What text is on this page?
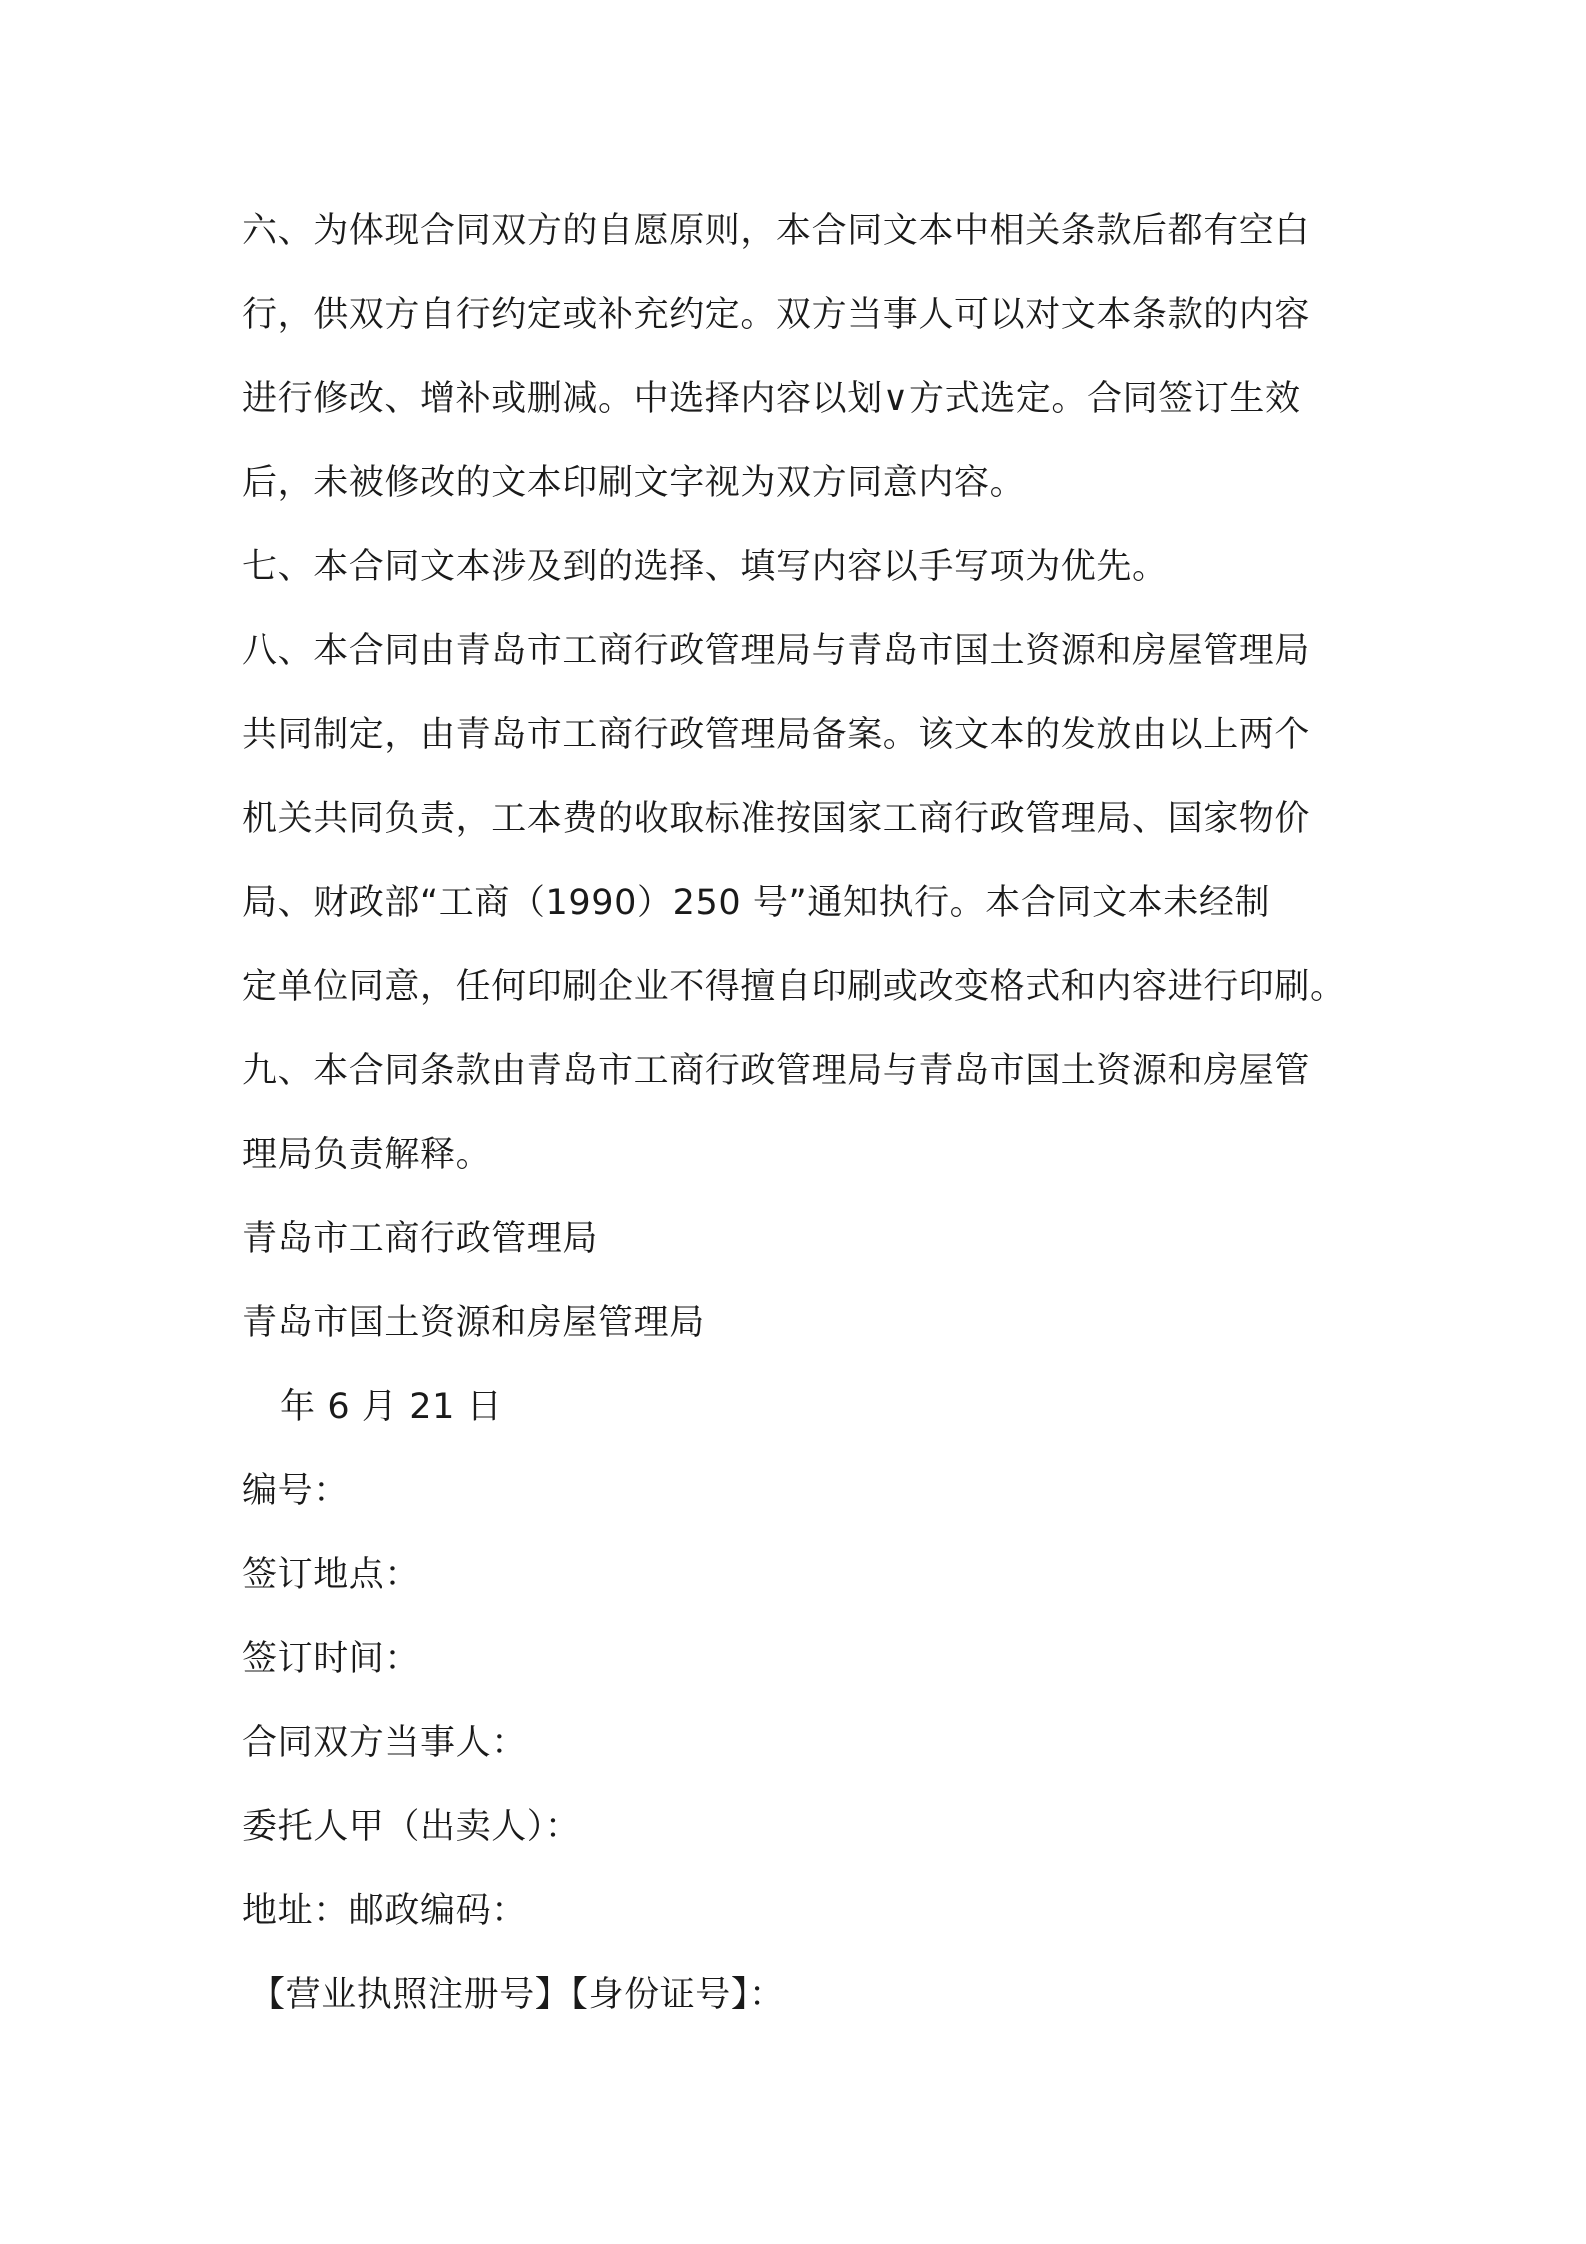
六、为体现合同双方的自愿原则，本合同文本中相关条款后都有空白
行，供双方自行约定或补充约定。双方当事人可以对文本条款的内容
进行修改、增补或删减。中选择内容以划∨方式选定。合同签订生效
后，未被修改的文本印刷文字视为双方同意内容。
七、本合同文本涉及到的选择、填写内容以手写项为优先。
八、本合同由青岛市工商行政管理局与青岛市国土资源和房屋管理局
共同制定，由青岛市工商行政管理局备案。该文本的发放由以上两个
机关共同负责，工本费的收取标准按国家工商行政管理局、国家物价
局、财政部“工商（1990）250 号”通知执行。本合同文本未经制
定单位同意，任何印刷企业不得擅自印刷或改变格式和内容进行印刷。
九、本合同条款由青岛市工商行政管理局与青岛市国土资源和房屋管
理局负责解释。
青岛市工商行政管理局
青岛市国土资源和房屋管理局
年 6 月 21 日
编号：
签订地点：
签订时间：
合同双方当事人：
委托人甲（出卖人）：
地址：邮政编码：
【营业执照注册号】【身份证号】：
